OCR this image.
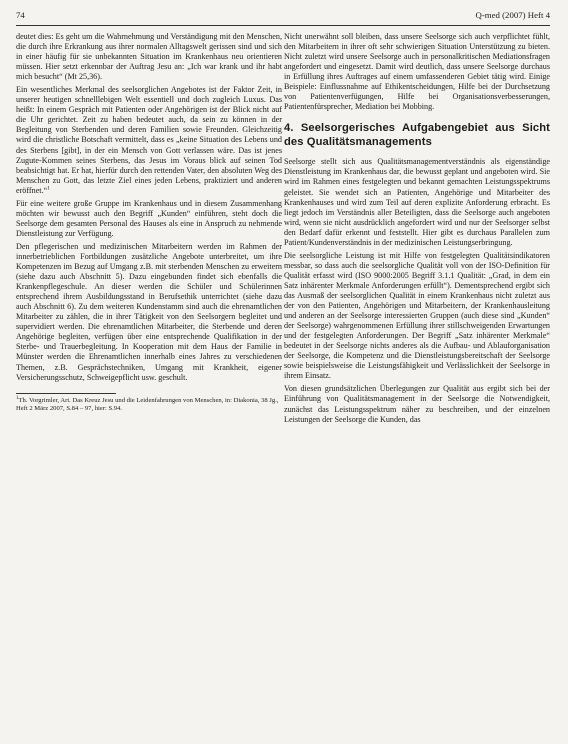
74	Q-med (2007) Heft 4

deutet dies: Es geht um die Wahrnehmung und Verständigung mit den Menschen, die durch ihre Erkrankung aus ihrer normalen Alltagswelt gerissen sind und sich in einer häufig für sie unbekannten Situation im Krankenhaus neu orientieren müssen. Hier setzt erkennbar der Auftrag Jesu an: „Ich war krank und ihr habt mich besucht“ (Mt 25,36).

Ein wesentliches Merkmal des seelsorglichen Angebotes ist der Faktor Zeit, in unserer heutigen schnelllebigen Welt essentiell und doch zugleich Luxus. Das heißt: In einem Gespräch mit Patienten oder Angehörigen ist der Blick nicht auf die Uhr gerichtet. Zeit zu haben bedeutet auch, da sein zu können in der Begleitung von Sterbenden und deren Familien sowie Freunden. Gleichzeitig wird die christliche Botschaft vermittelt, dass es „keine Situation des Lebens und des Sterbens [gibt], in der ein Mensch von Gott verlassen wäre. Das ist jenes Zugute-Kommen seines Sterbens, das Jesus im Voraus blick auf seinen Tod beabsichtigt hat. Er hat, hierfür durch den rettenden Vater, den absoluten Weg des Menschen zu Gott, das letzte Ziel eines jeden Lebens, praktiziert und anderen eröffnet.“$^1$

Für eine weitere große Gruppe im Krankenhaus und in diesem Zusammenhang möchten wir bewusst auch den Begriff „Kunden“ einführen, steht doch die Seelsorge dem gesamten Personal des Hauses als eine in Anspruch zu nehmende Dienstleistung zur Verfügung.

Den pflegerischen und medizinischen Mitarbeitern werden im Rahmen der innerbetrieblichen Fortbildungen zusätzliche Angebote unterbreitet, um ihre Kompetenzen im Bezug auf Umgang z.B. mit sterbenden Menschen zu erweitern (siehe dazu auch Abschnitt 5). Dazu eingebunden findet sich ebenfalls die Krankenpflegeschule. An dieser werden die Schüler und Schülerinnen entsprechend ihrem Ausbildungsstand in Berufsethik unterrichtet (siehe dazu auch Abschnitt 6). Zu dem weiteren Kundenstamm sind auch die ehrenamtlichen Mitarbeiter zu zählen, die in ihrer Tätigkeit von den Seelsorgern begleitet und supervidiert werden. Die ehrenamtlichen Mitarbeiter, die Sterbende und deren Angehörige begleiten, verfügen über eine entsprechende Qualifikation in der Sterbe- und Trauerbegleitung. In Kooperation mit dem Haus der Familie in Münster werden die Ehrenamtlichen innerhalb eines Jahres zu verschiedenen Themen, z.B. Gesprächstechniken, Umgang mit Krankheit, eigener Versicherungsschutz, Schweigepflicht usw. geschult.

$^1$Th. Vorgrimler, Art. Das Kreuz Jesu und die Leidenfahrungen von Menschen, in: Diakonia, 38 Jg., Heft 2 März 2007, S.84 – 97, hier: S.94.

Nicht unerwähnt soll bleiben, dass unsere Seelsorge sich auch verpflichtet fühlt, den Mitarbeitern in ihrer oft sehr schwierigen Situation Unterstützung zu bieten. Nicht zuletzt wird unsere Seelsorge auch in personalkritischen Mediationsfragen angefordert und eingesetzt. Damit wird deutlich, dass unsere Seelsorge durchaus in Erfüllung ihres Auftrages auf einem umfassenderen Gebiet tätig wird. Einige Beispiele: Einflussnahme auf Ethikentscheidungen, Hilfe bei der Durchsetzung von Patientenverfügungen, Hilfe bei Organisationsverbesserungen, Patientenfürsprecher, Mediation bei Mobbing.

4. Seelsorgerisches Aufgabengebiet aus Sicht des Qualitätsmanagements

Seelsorge stellt sich aus Qualitätsmanagementverständnis als eigenständige Dienstleistung im Krankenhaus dar, die bewusst geplant und angeboten wird. Sie wird im Rahmen eines festgelegten und bekannt gemachten Leistungsspektrums geleistet. Sie wendet sich an Patienten, Angehörige und Mitarbeiter des Krankenhauses und wird zum Teil auf deren explizite Anforderung erbracht. Es liegt jedoch im Verständnis aller Beteiligten, dass die Seelsorge auch angeboten wird, wenn sie nicht ausdrücklich angefordert wird und nur der Seelsorger selbst den Bedarf dafür erkennt und feststellt. Hier gibt es durchaus Parallelen zum Patient/Kundenverständnis in der medizinischen Leistungserbringung.

Die seelsorgliche Leistung ist mit Hilfe von festgelegten Qualitätsindikatoren messbar, so dass auch die seelsorgliche Qualität voll von der ISO-Definition für Qualität erfasst wird (ISO 9000:2005 Begriff 3.1.1 Qualität: „Grad, in dem ein Satz inhärenter Merkmale Anforderungen erfüllt“). Dementsprechend ergibt sich das Ausmaß der seelsorglichen Qualität in einem Krankenhaus nicht zuletzt aus der von den Patienten, Angehörigen und Mitarbeitern, der Krankenhausleitung und anderen an der Seelsorge interessierten Gruppen (auch diese sind „Kunden“ der Seelsorge) wahrgenommenen Erfüllung ihrer stillschweigenden Erwartungen und der festgelegten Anforderungen. Der Begriff „Satz inhärenter Merkmale“ bedeutet in der Seelsorge nichts anderes als die Aufbau- und Ablauforganisation der Seelsorge, die Kompetenz und die Dienstleistungsbereitschaft der Seelsorge sowie beispielsweise die Leistungsfähigkeit und Verlässlichkeit der Seelsorge in ihrem Einsatz.

Von diesen grundsätzlichen Überlegungen zur Qualität aus ergibt sich bei der Einführung von Qualitätsmanagement in der Seelsorge die Notwendigkeit, zunächst das Leistungsspektrum näher zu beschreiben, und der einzelnen Leistungen der Seelsorge die Kunden, das
